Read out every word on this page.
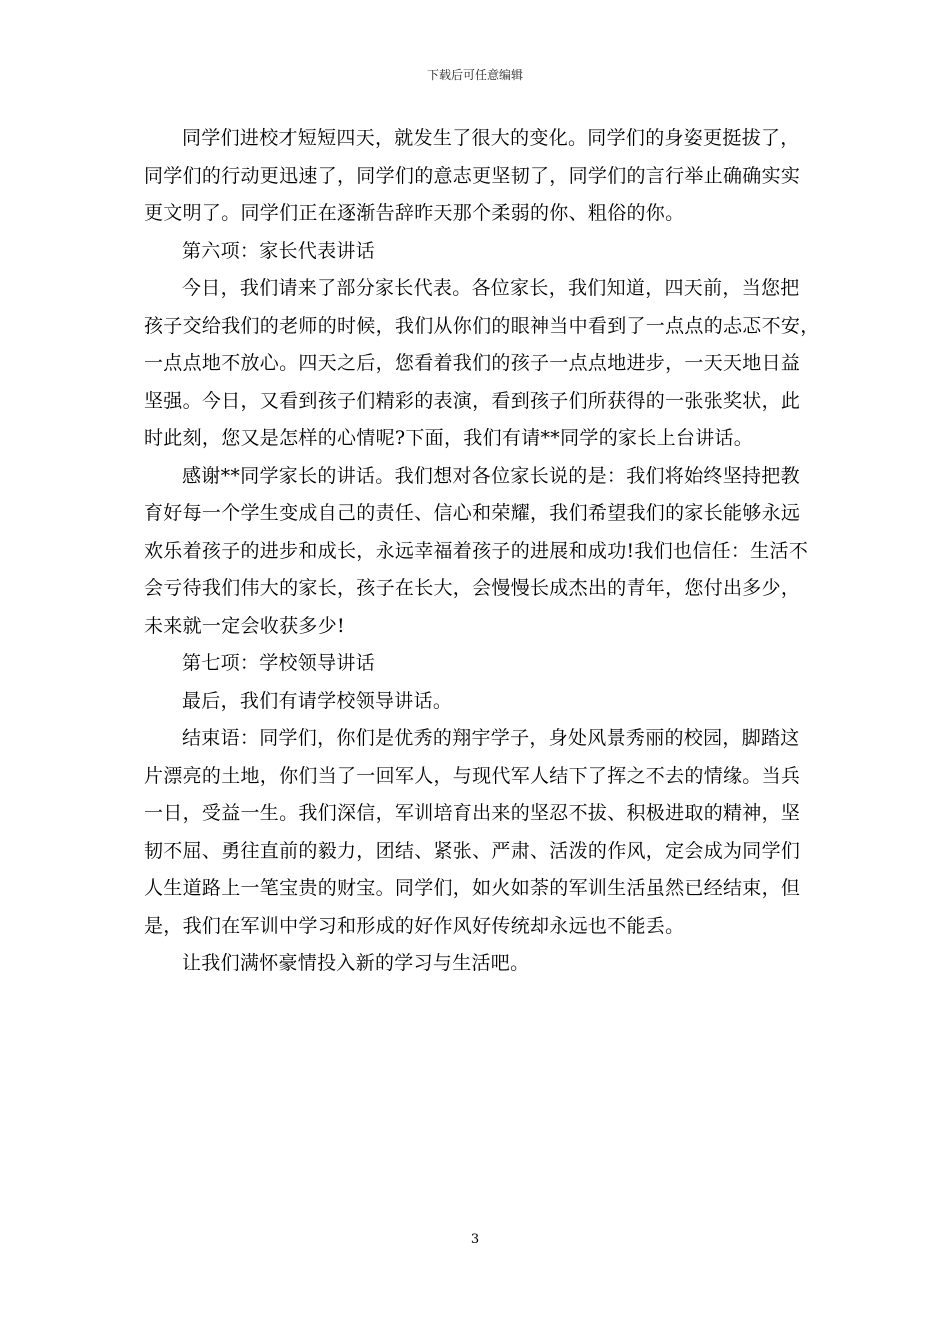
下载后可任意编辑
同学们进校才短短四天，就发生了很大的变化。同学们的身姿更挺拔了，
同学们的行动更迅速了，同学们的意志更坚韧了，同学们的言行举止确确实实
更文明了。同学们正在逐渐告辞昨天那个柔弱的你、粗俗的你。
第六项：家长代表讲话
今日，我们请来了部分家长代表。各位家长，我们知道，四天前，当您把
孩子交给我们的老师的时候，我们从你们的眼神当中看到了一点点的忐忑不安，
一点点地不放心。四天之后，您看着我们的孩子一点点地进步，一天天地日益
坚强。今日，又看到孩子们精彩的表演，看到孩子们所获得的一张张奖状，此
时此刻，您又是怎样的心情呢?下面，我们有请**同学的家长上台讲话。
感谢**同学家长的讲话。我们想对各位家长说的是：我们将始终坚持把教
育好每一个学生变成自己的责任、信心和荣耀，我们希望我们的家长能够永远
欢乐着孩子的进步和成长，永远幸福着孩子的进展和成功!我们也信任：生活不
会亏待我们伟大的家长，孩子在长大，会慢慢长成杰出的青年，您付出多少，
未来就一定会收获多少!
第七项：学校领导讲话
最后，我们有请学校领导讲话。
结束语：同学们，你们是优秀的翔宇学子，身处风景秀丽的校园，脚踏这
片漂亮的土地，你们当了一回军人，与现代军人结下了挥之不去的情缘。当兵
一日，受益一生。我们深信，军训培育出来的坚忍不拔、积极进取的精神，坚
韧不屈、勇往直前的毅力，团结、紧张、严肃、活泼的作风，定会成为同学们
人生道路上一笔宝贵的财宝。同学们，如火如荼的军训生活虽然已经结束，但
是，我们在军训中学习和形成的好作风好传统却永远也不能丢。
让我们满怀豪情投入新的学习与生活吧。
3
